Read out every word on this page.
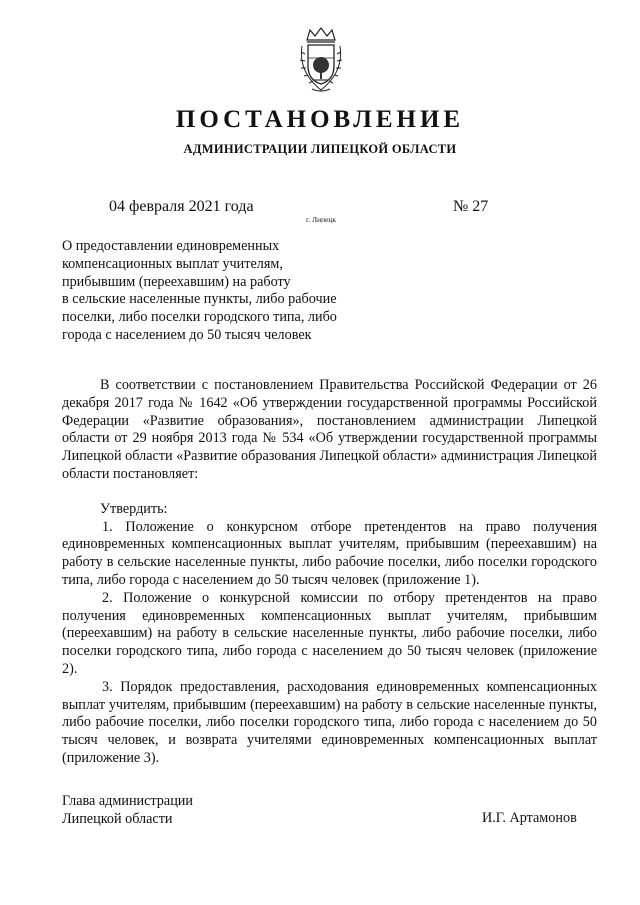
ПОСТАНОВЛЕНИЕ
АДМИНИСТРАЦИИ ЛИПЕЦКОЙ ОБЛАСТИ
04 февраля 2021 года
г. Липецк
№ 27
О предоставлении единовременных
компенсационных выплат учителям,
прибывшим (переехавшим) на работу
в сельские населенные пункты, либо рабочие
поселки, либо поселки городского типа, либо
города с населением до 50 тысяч человек

В соответствии с постановлением Правительства Российской Федерации от 26 декабря 2017 года № 1642 «Об утверждении государственной программы Российской Федерации «Развитие образования», постановлением администрации Липецкой области от 29 ноября 2013 года № 534 «Об утверждении государственной программы Липецкой области «Развитие образования Липецкой области» администрация Липецкой области постановляет:

Утвердить:

1. Положение о конкурсном отборе претендентов на право получения единовременных компенсационных выплат учителям, прибывшим (переехавшим) на работу в сельские населенные пункты, либо рабочие поселки, либо поселки городского типа, либо города с населением до 50 тысяч человек (приложение 1).

2. Положение о конкурсной комиссии по отбору претендентов на право получения единовременных компенсационных выплат учителям, прибывшим (переехавшим) на работу в сельские населенные пункты, либо рабочие поселки, либо поселки городского типа, либо города с населением до 50 тысяч человек (приложение 2).

3. Порядок предоставления, расходования единовременных компенсационных выплат учителям, прибывшим (переехавшим) на работу в сельские населенные пункты, либо рабочие поселки, либо поселки городского типа, либо города с населением до 50 тысяч человек, и возврата учителями единовременных компенсационных выплат (приложение 3).

Глава администрации
Липецкой области	И.Г. Артамонов
